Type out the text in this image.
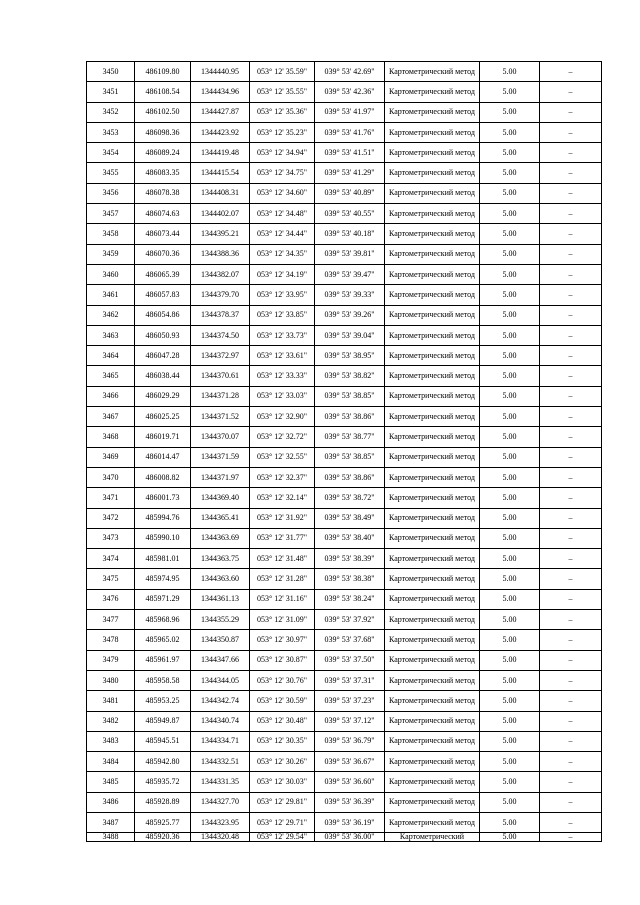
3450	486109.80	1344440.95	053° 12' 35.59"	039° 53' 42.69"	Картометрический метод	5.00	–
3451	486108.54	1344434.96	053° 12' 35.55"	039° 53' 42.36"	Картометрический метод	5.00	–
3452	486102.50	1344427.87	053° 12' 35.36"	039° 53' 41.97"	Картометрический метод	5.00	–
3453	486098.36	1344423.92	053° 12' 35.23"	039° 53' 41.76"	Картометрический метод	5.00	–
3454	486089.24	1344419.48	053° 12' 34.94"	039° 53' 41.51"	Картометрический метод	5.00	–
3455	486083.35	1344415.54	053° 12' 34.75"	039° 53' 41.29"	Картометрический метод	5.00	–
3456	486078.38	1344408.31	053° 12' 34.60"	039° 53' 40.89"	Картометрический метод	5.00	–
3457	486074.63	1344402.07	053° 12' 34.48"	039° 53' 40.55"	Картометрический метод	5.00	–
3458	486073.44	1344395.21	053° 12' 34.44"	039° 53' 40.18"	Картометрический метод	5.00	–
3459	486070.36	1344388.36	053° 12' 34.35"	039° 53' 39.81"	Картометрический метод	5.00	–
3460	486065.39	1344382.07	053° 12' 34.19"	039° 53' 39.47"	Картометрический метод	5.00	–
3461	486057.83	1344379.70	053° 12' 33.95"	039° 53' 39.33"	Картометрический метод	5.00	–
3462	486054.86	1344378.37	053° 12' 33.85"	039° 53' 39.26"	Картометрический метод	5.00	–
3463	486050.93	1344374.50	053° 12' 33.73"	039° 53' 39.04"	Картометрический метод	5.00	–
3464	486047.28	1344372.97	053° 12' 33.61"	039° 53' 38.95"	Картометрический метод	5.00	–
3465	486038.44	1344370.61	053° 12' 33.33"	039° 53' 38.82"	Картометрический метод	5.00	–
3466	486029.29	1344371.28	053° 12' 33.03"	039° 53' 38.85"	Картометрический метод	5.00	–
3467	486025.25	1344371.52	053° 12' 32.90"	039° 53' 38.86"	Картометрический метод	5.00	–
3468	486019.71	1344370.07	053° 12' 32.72"	039° 53' 38.77"	Картометрический метод	5.00	–
3469	486014.47	1344371.59	053° 12' 32.55"	039° 53' 38.85"	Картометрический метод	5.00	–
3470	486008.82	1344371.97	053° 12' 32.37"	039° 53' 38.86"	Картометрический метод	5.00	–
3471	486001.73	1344369.40	053° 12' 32.14"	039° 53' 38.72"	Картометрический метод	5.00	–
3472	485994.76	1344365.41	053° 12' 31.92"	039° 53' 38.49"	Картометрический метод	5.00	–
3473	485990.10	1344363.69	053° 12' 31.77"	039° 53' 38.40"	Картометрический метод	5.00	–
3474	485981.01	1344363.75	053° 12' 31.48"	039° 53' 38.39"	Картометрический метод	5.00	–
3475	485974.95	1344363.60	053° 12' 31.28"	039° 53' 38.38"	Картометрический метод	5.00	–
3476	485971.29	1344361.13	053° 12' 31.16"	039° 53' 38.24"	Картометрический метод	5.00	–
3477	485968.96	1344355.29	053° 12' 31.09"	039° 53' 37.92"	Картометрический метод	5.00	–
3478	485965.02	1344350.87	053° 12' 30.97"	039° 53' 37.68"	Картометрический метод	5.00	–
3479	485961.97	1344347.66	053° 12' 30.87"	039° 53' 37.50"	Картометрический метод	5.00	–
3480	485958.58	1344344.05	053° 12' 30.76"	039° 53' 37.31"	Картометрический метод	5.00	–
3481	485953.25	1344342.74	053° 12' 30.59"	039° 53' 37.23"	Картометрический метод	5.00	–
3482	485949.87	1344340.74	053° 12' 30.48"	039° 53' 37.12"	Картометрический метод	5.00	–
3483	485945.51	1344334.71	053° 12' 30.35"	039° 53' 36.79"	Картометрический метод	5.00	–
3484	485942.80	1344332.51	053° 12' 30.26"	039° 53' 36.67"	Картометрический метод	5.00	–
3485	485935.72	1344331.35	053° 12' 30.03"	039° 53' 36.60"	Картометрический метод	5.00	–
3486	485928.89	1344327.70	053° 12' 29.81"	039° 53' 36.39"	Картометрический метод	5.00	–
3487	485925.77	1344323.95	053° 12' 29.71"	039° 53' 36.19"	Картометрический метод	5.00	–
3488	485920.36	1344320.48	053° 12' 29.54"	039° 53' 36.00"	Картометрический	5.00	–
